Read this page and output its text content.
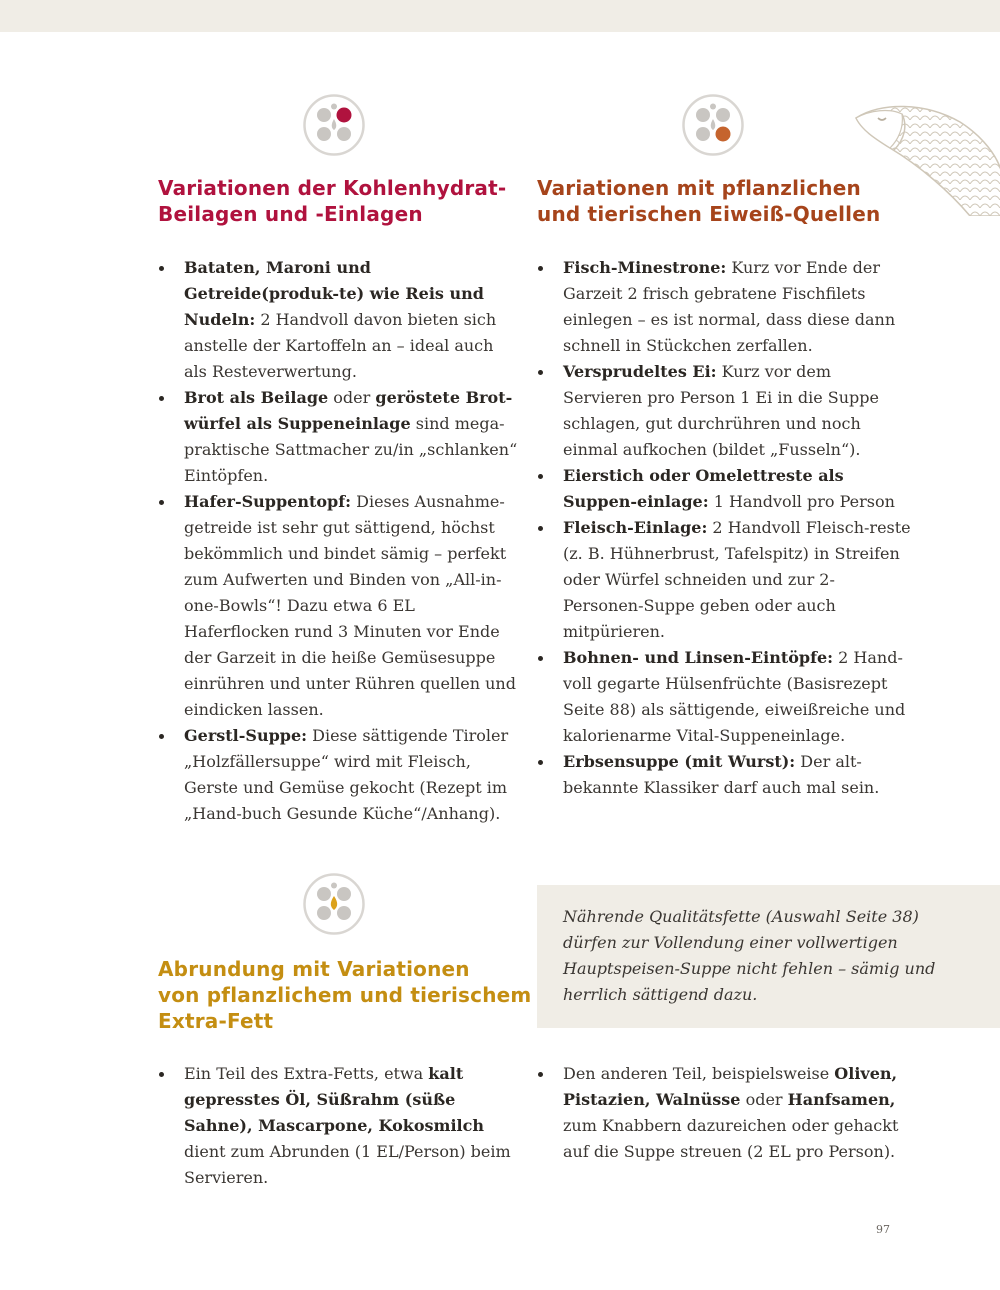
Variationen der Kohlenhydrat-
Beilagen und -Einlagen
Variationen mit pflanzlichen
und tierischen Eiweiß-Quellen
Abrundung mit Variationen
von pflanzlichem und tierischem
Extra-Fett
Bataten, Maroni und Getreide(produk-te) wie Reis und Nudeln: 2 Handvoll davon bieten sich anstelle der Kartoffeln an – ideal auch als Resteverwertung.
Brot als Beilage oder geröstete Brot-würfel als Suppeneinlage sind mega-praktische Sattmacher zu/in „schlanken“ Eintöpfen.
Hafer-Suppentopf: Dieses Ausnahme-getreide ist sehr gut sättigend, höchst bekömmlich und bindet sämig – perfekt zum Aufwerten und Binden von „All-in-one-Bowls“! Dazu etwa 6 EL Haferflocken rund 3 Minuten vor Ende der Garzeit in die heiße Gemüsesuppe einrühren und unter Rühren quellen und eindicken lassen.
Gerstl-Suppe: Diese sättigende Tiroler „Holzfällersuppe“ wird mit Fleisch, Gerste und Gemüse gekocht (Rezept im „Hand-buch Gesunde Küche“/Anhang).
Fisch-Minestrone: Kurz vor Ende der Garzeit 2 frisch gebratene Fischfilets einlegen – es ist normal, dass diese dann schnell in Stückchen zerfallen.
Versprudeltes Ei: Kurz vor dem Servieren pro Person 1 Ei in die Suppe schlagen, gut durchrühren und noch einmal aufkochen (bildet „Fusseln“).
Eierstich oder Omelettreste als Suppen-einlage: 1 Handvoll pro Person
Fleisch-Einlage: 2 Handvoll Fleisch-reste (z. B. Hühnerbrust, Tafelspitz) in Streifen oder Würfel schneiden und zur 2-Personen-Suppe geben oder auch mitpürieren.
Bohnen- und Linsen-Eintöpfe: 2 Hand-voll gegarte Hülsenfrüchte (Basisrezept Seite 88) als sättigende, eiweißreiche und kalorienarme Vital-Suppeneinlage.
Erbsensuppe (mit Wurst): Der alt-bekannte Klassiker darf auch mal sein.
Nährende Qualitätsfette (Auswahl Seite 38) dürfen zur Vollendung einer vollwertigen Hauptspeisen-Suppe nicht fehlen – sämig und herrlich sättigend dazu.
Ein Teil des Extra-Fetts, etwa kalt gepresstes Öl, Süßrahm (süße Sahne), Mascarpone, Kokosmilch dient zum Abrunden (1 EL/Person) beim Servieren.
Den anderen Teil, beispielsweise Oliven, Pistazien, Walnüsse oder Hanfsamen, zum Knabbern dazureichen oder gehackt auf die Suppe streuen (2 EL pro Person).
97
